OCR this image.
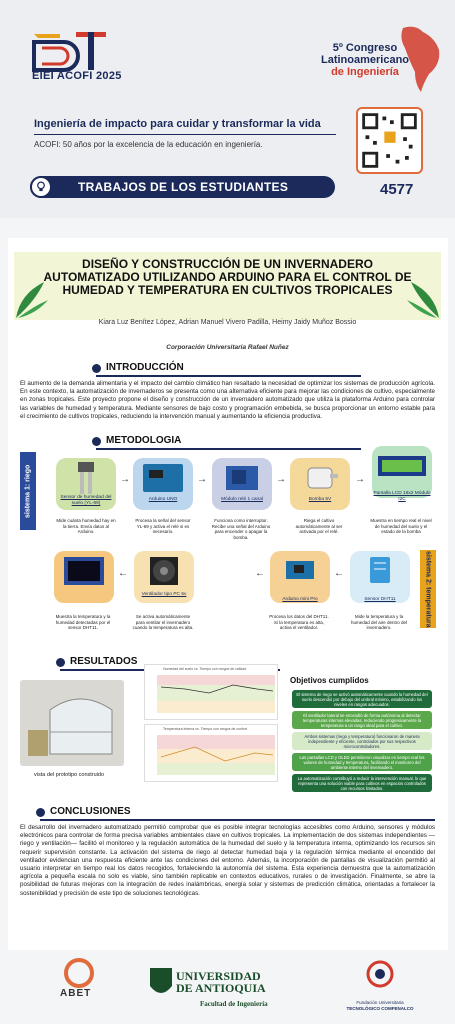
EIEI ACOFI 2025
5º Congreso
Latinoamericano
de Ingeniería
Ingeniería de impacto para cuidar y transformar la vida
ACOFI: 50 años por la excelencia de la educación en ingeniería.
TRABAJOS DE LOS ESTUDIANTES	4577
DISEÑO Y CONSTRUCCIÓN DE UN INVERNADERO AUTOMATIZADO UTILIZANDO ARDUINO PARA EL CONTROL DE HUMEDAD Y TEMPERATURA EN CULTIVOS TROPICALES
Kiara Luz Benítez López, Adrian Manuel Vivero Padilla, Heimy Jaidy Muñoz Bossio
Corporación Universitaria Rafael Nuñez
INTRODUCCIÓN
El aumento de la demanda alimentaria y el impacto del cambio climático han resaltado la necesidad de optimizar los sistemas de producción agrícola. En este contexto, la automatización de invernaderos se presenta como una alternativa eficiente para mejorar las condiciones de cultivo, especialmente en zonas tropicales. Este proyecto propone el diseño y construcción de un invernadero automatizado que utiliza la plataforma Arduino para controlar las variables de humedad y temperatura. Mediante sensores de bajo costo y programación embebida, se busca proporcionar un entorno estable para el crecimiento de cultivos tropicales, reduciendo la intervención manual y aumentando la eficiencia productiva.
METODOLOGIA
sistema 1: riego
sistema 2: temperatura
Sensor de humedad del suelo (YL-69)
Mide cuánta humedad hay en la tierra. Envía datos al Arduino.
→
Arduino UNO
Procesa la señal del sensor YL-69 y activa el relé si es necesario.
→
Módulo relé 1 canal
Funciona como interruptor. Recibe una señal del Arduino para encender o apagar la bomba.
→
Bomba 5V
Riega el cultivo automáticamente al ser activada por el relé.
→
Pantalla LCD 16x2 Módulo I2C
Muestra en tiempo real el nivel de humedad del suelo y el estado de la bomba
Sensor DHT11
Mide la temperatura y la humedad del aire dentro del invernadero.
←
Arduino mini Pro
Procesa los datos del DHT11. Si la temperatura es alta, activa el ventilador.
←
Ventilador tipo PC 5v
Se activa automáticamente para ventilar el invernadero cuando la temperatura es alta.
←
Muestra la temperatura y la humedad detectadas por el sensor DHT11.
RESULTADOS
vista del prototipo construido
Humedad del suelo vs. Tiempo con rangos de calidad
Temperatura interna vs. Tiempo con rangos de confort
Objetivos cumplidos
El sistema de riego se activó automáticamente cuando la humedad del suelo descendió por debajo del umbral mínimo, estabilizando los niveles en rangos adecuados.
El ventilador lateral se encendió de forma autónoma al detectar temperaturas internas elevadas, reduciendo progresivamente la temperatura a un rango ideal para el cultivo.
Ambos sistemas (riego y temperatura) funcionaron de manera independiente y eficiente, controlados por sus respectivos microcontroladores.
Las pantallas LCD y OLED permitieron visualizar en tiempo real los valores de humedad y temperatura, facilitando el monitoreo del ambiente interno del invernadero.
La automatización contribuyó a reducir la intervención manual, lo que representa una solución viable para cultivos en espacios controlados con recursos limitados.
CONCLUSIONES
El desarrollo del invernadero automatizado permitió comprobar que es posible integrar tecnologías accesibles como Arduino, sensores y módulos electrónicos para controlar de forma precisa variables ambientales clave en cultivos tropicales. La implementación de dos sistemas independientes —riego y ventilación— facilitó el monitoreo y la regulación automática de la humedad del suelo y la temperatura interna, optimizando los recursos sin requerir supervisión constante. La activación del sistema de riego al detectar humedad baja y la regulación térmica mediante el encendido del ventilador evidencian una respuesta eficiente ante las condiciones del entorno. Además, la incorporación de pantallas de visualización permitió al usuario interpretar en tiempo real los datos recogidos, fortaleciendo la autonomía del sistema. Esta experiencia demuestra que la automatización agrícola a pequeña escala no solo es viable, sino también replicable en contextos educativos, rurales o de investigación. Finalmente, se abre la posibilidad de futuras mejoras con la integración de redes inalámbricas, energía solar y sistemas de predicción climática, orientadas a fortalecer la sostenibilidad y precisión de este tipo de soluciones tecnológicas.
ABET
UNIVERSIDAD
DE ANTIOQUIA
Facultad de Ingeniería	Fundación Universitaria
TECNOLÓGICO COMFENALCO
